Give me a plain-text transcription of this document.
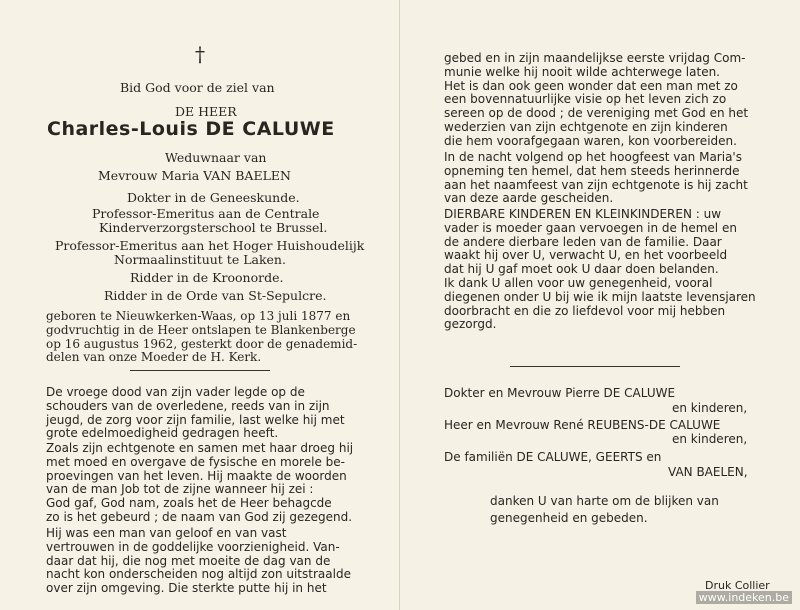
†
Bid God voor de ziel van
DE HEER
Charles-Louis DE CALUWE
Weduwnaar van
Mevrouw Maria VAN BAELEN
Dokter in de Geneeskunde.
Professor-Emeritus aan de Centrale
Kinderverzorgsterschool te Brussel.
Professor-Emeritus aan het Hoger Huishoudelijk
Normaalinstituut te Laken.
Ridder in de Kroonorde.
Ridder in de Orde van St-Sepulcre.
geboren te Nieuwkerken-Waas, op 13 juli 1877 en
godvruchtig in de Heer ontslapen te Blankenberge
op 16 augustus 1962, gesterkt door de genademid-
delen van onze Moeder de H. Kerk.
De vroege dood van zijn vader legde op de
schouders van de overledene, reeds van in zijn
jeugd, de zorg voor zijn familie, last welke hij met
grote edelmoedigheid gedragen heeft.
Zoals zijn echtgenote en samen met haar droeg hij
met moed en overgave de fysische en morele be-
proevingen van het leven. Hij maakte de woorden
van de man Job tot de zijne wanneer hij zei :
God gaf, God nam, zoals het de Heer behagcde
zo is het gebeurd ; de naam van God zij gezegend.
Hij was een man van geloof en van vast
vertrouwen in de goddelijke voorzienigheid. Van-
daar dat hij, die nog met moeite de dag van de
nacht kon onderscheiden nog altijd zon uitstraalde
over zijn omgeving. Die sterkte putte hij in het
gebed en in zijn maandelijkse eerste vrijdag Com-
munie welke hij nooit wilde achterwege laten.
Het is dan ook geen wonder dat een man met zo
een bovennatuurlijke visie op het leven zich zo
sereen op de dood ; de vereniging met God en het
wederzien van zijn echtgenote en zijn kinderen
die hem voorafgegaan waren, kon voorbereiden.
In de nacht volgend op het hoogfeest van Maria's
opneming ten hemel, dat hem steeds herinnerde
aan het naamfeest van zijn echtgenote is hij zacht
van deze aarde gescheiden.
DIERBARE KINDEREN EN KLEINKINDEREN : uw
vader is moeder gaan vervoegen in de hemel en
de andere dierbare leden van de familie. Daar
waakt hij over U, verwacht U, en het voorbeeld
dat hij U gaf moet ook U daar doen belanden.
Ik dank U allen voor uw genegenheid, vooral
diegenen onder U bij wie ik mijn laatste levensjaren
doorbracht en die zo liefdevol voor mij hebben
gezorgd.
Dokter en Mevrouw Pierre DE CALUWE
en kinderen,
Heer en Mevrouw René REUBENS-DE CALUWE
en kinderen,
De familiën DE CALUWE, GEERTS en
VAN BAELEN,
danken U van harte om de blijken van
genegenheid en gebeden.
Druk Collier
www.indeken.be
